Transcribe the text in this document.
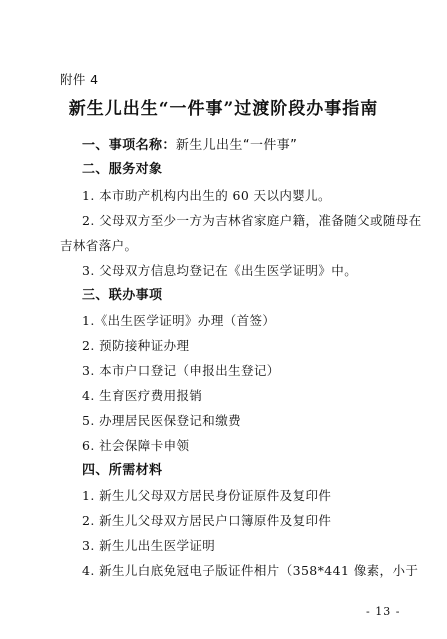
附件 4
新生儿出生“一件事”过渡阶段办事指南
一、事项名称：新生儿出生“一件事”
二、服务对象
1. 本市助产机构内出生的 60 天以内婴儿。
2. 父母双方至少一方为吉林省家庭户籍，准备随父或随母在
吉林省落户。
3. 父母双方信息均登记在《出生医学证明》中。
三、联办事项
1.《出生医学证明》办理（首签）
2. 预防接种证办理
3. 本市户口登记（申报出生登记）
4. 生育医疗费用报销
5. 办理居民医保登记和缴费
6. 社会保障卡申领
四、所需材料
1. 新生儿父母双方居民身份证原件及复印件
2. 新生儿父母双方居民户口簿原件及复印件
3. 新生儿出生医学证明
4. 新生儿白底免冠电子版证件相片（358*441 像素，小于
- 13 -
